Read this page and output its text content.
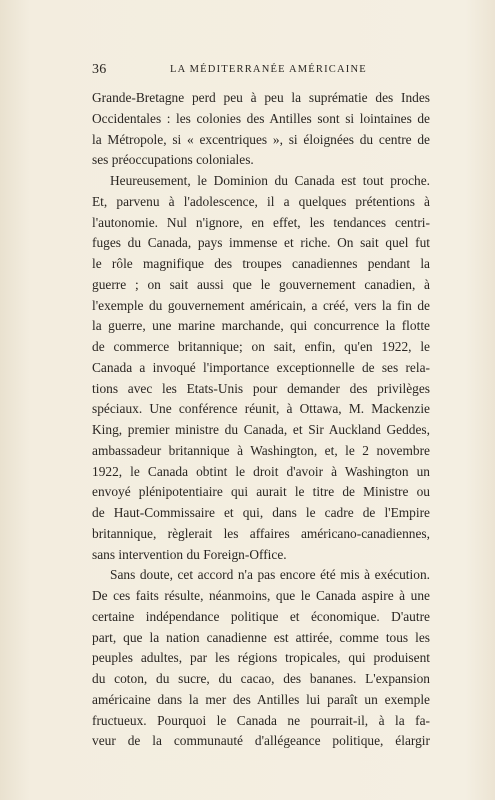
36	LA MÉDITERRANÉE AMÉRICAINE
Grande-Bretagne perd peu à peu la suprématie des Indes
Occidentales : les colonies des Antilles sont si lointaines de
la Métropole, si « excentriques », si éloignées du centre de
ses préoccupations coloniales.
Heureusement, le Dominion du Canada est tout proche.
Et, parvenu à l'adolescence, il a quelques prétentions à
l'autonomie. Nul n'ignore, en effet, les tendances centri-
fuges du Canada, pays immense et riche. On sait quel fut
le rôle magnifique des troupes canadiennes pendant la
guerre ; on sait aussi que le gouvernement canadien, à
l'exemple du gouvernement américain, a créé, vers la fin de
la guerre, une marine marchande, qui concurrence la flotte
de commerce britannique; on sait, enfin, qu'en 1922, le
Canada a invoqué l'importance exceptionnelle de ses rela-
tions avec les Etats-Unis pour demander des privilèges
spéciaux. Une conférence réunit, à Ottawa, M. Mackenzie
King, premier ministre du Canada, et Sir Auckland Geddes,
ambassadeur britannique à Washington, et, le 2 novembre
1922, le Canada obtint le droit d'avoir à Washington un
envoyé plénipotentiaire qui aurait le titre de Ministre ou
de Haut-Commissaire et qui, dans le cadre de l'Empire
britannique, règlerait les affaires américano-canadiennes,
sans intervention du Foreign-Office.
Sans doute, cet accord n'a pas encore été mis à exécution.
De ces faits résulte, néanmoins, que le Canada aspire à une
certaine indépendance politique et économique. D'autre
part, que la nation canadienne est attirée, comme tous les
peuples adultes, par les régions tropicales, qui produisent
du coton, du sucre, du cacao, des bananes. L'expansion
américaine dans la mer des Antilles lui paraît un exemple
fructueux. Pourquoi le Canada ne pourrait-il, à la fa-
veur de la communauté d'allégeance politique, élargir
